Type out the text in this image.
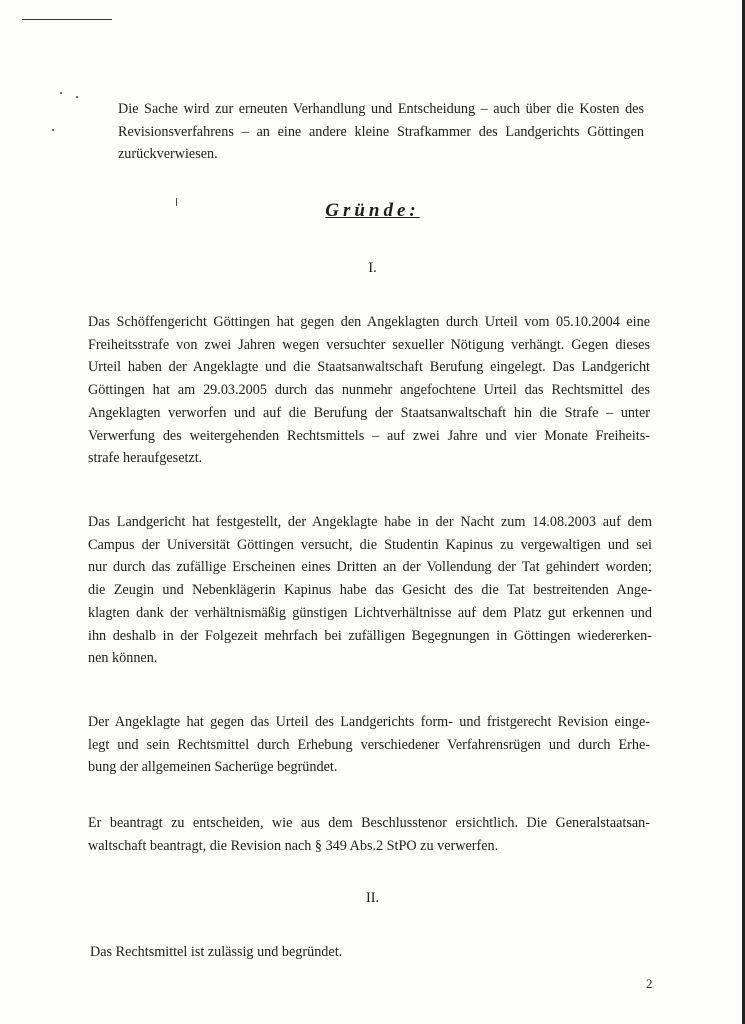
Die Sache wird zur erneuten Verhandlung und Entscheidung – auch über die Kosten des
Revisionsverfahrens – an eine andere kleine Strafkammer des Landgerichts Göttingen
zurückverwiesen.

Gründe:

I.

Das Schöffengericht Göttingen hat gegen den Angeklagten durch Urteil vom 05.10.2004 eine
Freiheitsstrafe von zwei Jahren wegen versuchter sexueller Nötigung verhängt. Gegen dieses
Urteil haben der Angeklagte und die Staatsanwaltschaft Berufung eingelegt. Das Landgericht
Göttingen hat am 29.03.2005 durch das nunmehr angefochtene Urteil das Rechtsmittel des
Angeklagten verworfen und auf die Berufung der Staatsanwaltschaft hin die Strafe – unter
Verwerfung des weitergehenden Rechtsmittels – auf zwei Jahre und vier Monate Freiheits-
strafe heraufgesetzt.

Das Landgericht hat festgestellt, der Angeklagte habe in der Nacht zum 14.08.2003 auf dem
Campus der Universität Göttingen versucht, die Studentin Kapinus zu vergewaltigen und sei
nur durch das zufällige Erscheinen eines Dritten an der Vollendung der Tat gehindert worden;
die Zeugin und Nebenklägerin Kapinus habe das Gesicht des die Tat bestreitenden Ange-
klagten dank der verhältnismäßig günstigen Lichtverhältnisse auf dem Platz gut erkennen und
ihn deshalb in der Folgezeit mehrfach bei zufälligen Begegnungen in Göttingen wiedererken-
nen können.

Der Angeklagte hat gegen das Urteil des Landgerichts form- und fristgerecht Revision einge-
legt und sein Rechtsmittel durch Erhebung verschiedener Verfahrensrügen und durch Erhe-
bung der allgemeinen Sacherüge begründet.

Er beantragt zu entscheiden, wie aus dem Beschlusstenor ersichtlich. Die Generalstaatsan-
waltschaft beantragt, die Revision nach § 349 Abs.2 StPO zu verwerfen.

II.

Das Rechtsmittel ist zulässig und begründet.

2
